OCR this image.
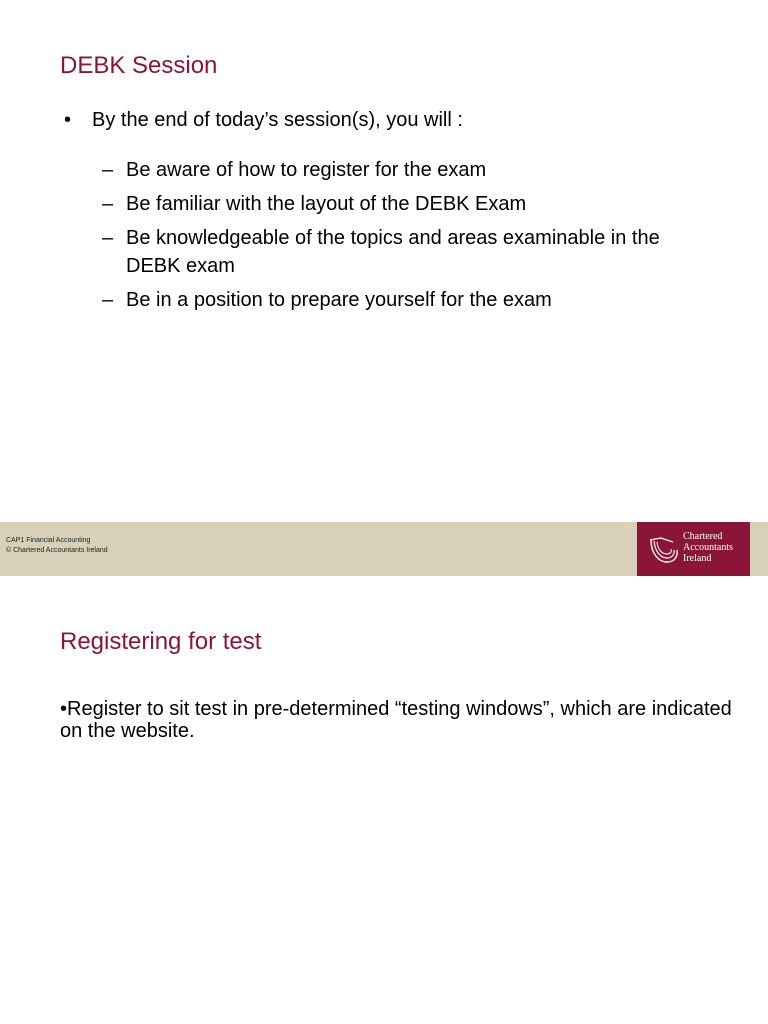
DEBK Session
• By the end of today’s session(s), you will :
– Be aware of how to register for the exam
– Be familiar with the layout of the DEBK Exam
– Be knowledgeable of the topics and areas examinable in the DEBK exam
– Be in a position to prepare yourself for the exam
CAP1 Financial Accounting
© Chartered Accountants Ireland
Chartered
Accountants
Ireland
Registering for test

•Register to sit test in pre-determined “testing windows”, which are indicated on the website.
